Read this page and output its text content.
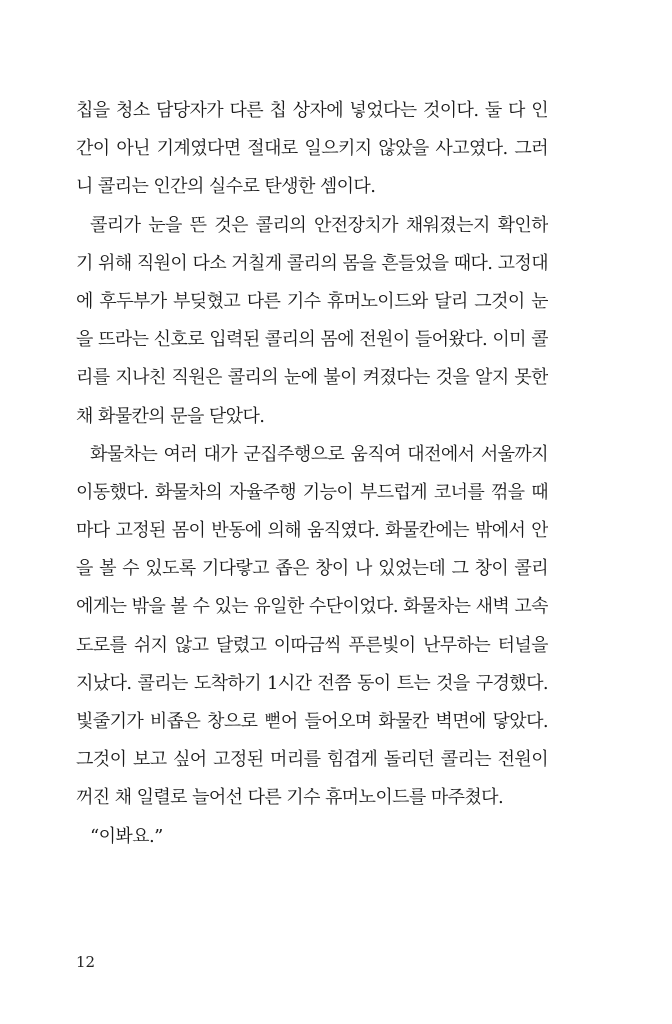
칩을 청소 담당자가 다른 칩 상자에 넣었다는 것이다. 둘 다 인
간이 아닌 기계였다면 절대로 일으키지 않았을 사고였다. 그러
니 콜리는 인간의 실수로 탄생한 셈이다.
콜리가 눈을 뜬 것은 콜리의 안전장치가 채워졌는지 확인하
기 위해 직원이 다소 거칠게 콜리의 몸을 흔들었을 때다. 고정대
에 후두부가 부딪혔고 다른 기수 휴머노이드와 달리 그것이 눈
을 뜨라는 신호로 입력된 콜리의 몸에 전원이 들어왔다. 이미 콜
리를 지나친 직원은 콜리의 눈에 불이 켜졌다는 것을 알지 못한
채 화물칸의 문을 닫았다.
화물차는 여러 대가 군집주행으로 움직여 대전에서 서울까지
이동했다. 화물차의 자율주행 기능이 부드럽게 코너를 꺾을 때
마다 고정된 몸이 반동에 의해 움직였다. 화물칸에는 밖에서 안
을 볼 수 있도록 기다랗고 좁은 창이 나 있었는데 그 창이 콜리
에게는 밖을 볼 수 있는 유일한 수단이었다. 화물차는 새벽 고속
도로를 쉬지 않고 달렸고 이따금씩 푸른빛이 난무하는 터널을
지났다. 콜리는 도착하기 1시간 전쯤 동이 트는 것을 구경했다.
빛줄기가 비좁은 창으로 뻗어 들어오며 화물칸 벽면에 닿았다.
그것이 보고 싶어 고정된 머리를 힘겹게 돌리던 콜리는 전원이
꺼진 채 일렬로 늘어선 다른 기수 휴머노이드를 마주쳤다.
“이봐요.”
12
